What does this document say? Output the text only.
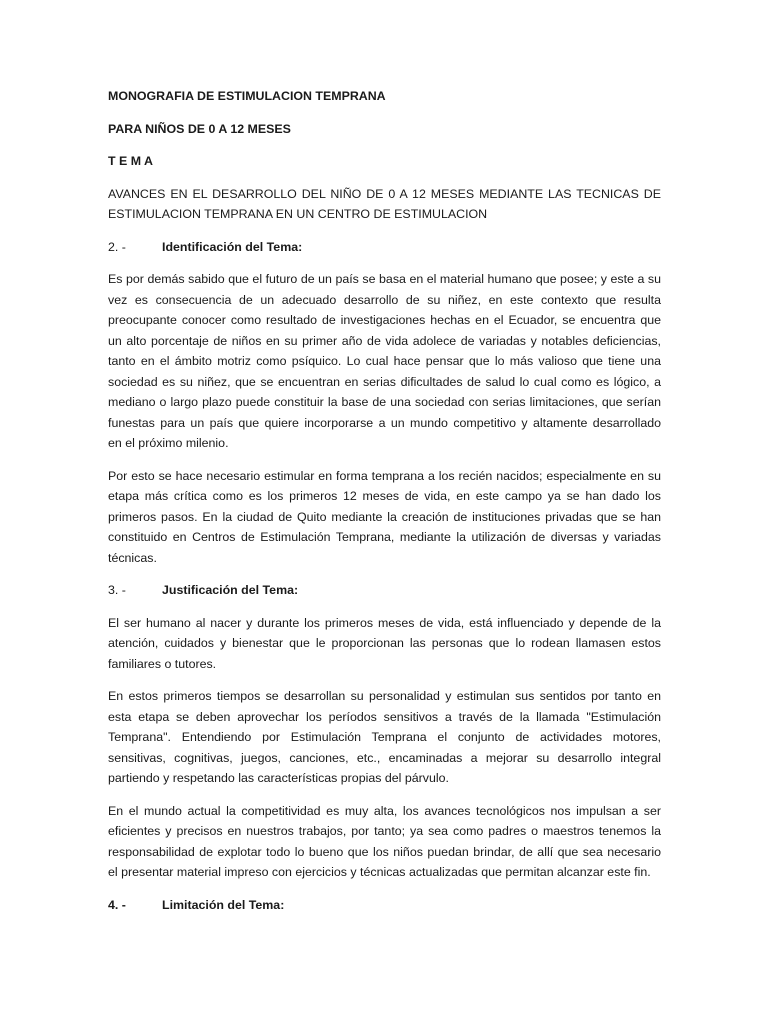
MONOGRAFIA DE ESTIMULACION TEMPRANA

PARA NIÑOS DE 0 A 12 MESES

T E M A

AVANCES EN EL DESARROLLO DEL NIÑO DE 0 A 12 MESES MEDIANTE LAS TECNICAS DE
ESTIMULACION TEMPRANA EN UN CENTRO DE ESTIMULACION

2. -	Identificación del Tema:

Es por demás sabido que el futuro de un país se basa en el material humano que posee; y este a su
vez es consecuencia de un adecuado desarrollo de su niñez, en este contexto que resulta
preocupante conocer como resultado de investigaciones hechas en el Ecuador, se encuentra que
un alto porcentaje de niños en su primer año de vida adolece de variadas y notables deficiencias,
tanto en el ámbito motriz como psíquico. Lo cual hace pensar que lo más valioso que tiene una
sociedad es su niñez, que se encuentran en serias dificultades de salud lo cual como es lógico, a
mediano o largo plazo puede constituir la base de una sociedad con serias limitaciones, que serían
funestas para un país que quiere incorporarse a un mundo competitivo y altamente desarrollado
en el próximo milenio.

Por esto se hace necesario estimular en forma temprana a los recién nacidos; especialmente en su
etapa más crítica como es los primeros 12 meses de vida, en este campo ya se han dado los
primeros pasos. En la ciudad de Quito mediante la creación de instituciones privadas que se han
constituido en Centros de Estimulación Temprana, mediante la utilización de diversas y variadas
técnicas.

3. -	Justificación del Tema:

El ser humano al nacer y durante los primeros meses de vida, está influenciado y depende de la
atención, cuidados y bienestar que le proporcionan las personas que lo rodean llamasen estos
familiares o tutores.

En estos primeros tiempos se desarrollan su personalidad y estimulan sus sentidos por tanto en
esta etapa se deben aprovechar los períodos sensitivos a través de la llamada "Estimulación
Temprana". Entendiendo por Estimulación Temprana el conjunto de actividades motores,
sensitivas, cognitivas, juegos, canciones, etc., encaminadas a mejorar su desarrollo integral
partiendo y respetando las características propias del párvulo.

En el mundo actual la competitividad es muy alta, los avances tecnológicos nos impulsan a ser
eficientes y precisos en nuestros trabajos, por tanto; ya sea como padres o maestros tenemos la
responsabilidad de explotar todo lo bueno que los niños puedan brindar, de allí que sea necesario
el presentar material impreso con ejercicios y técnicas actualizadas que permitan alcanzar este fin.

4. -	Limitación del Tema:
